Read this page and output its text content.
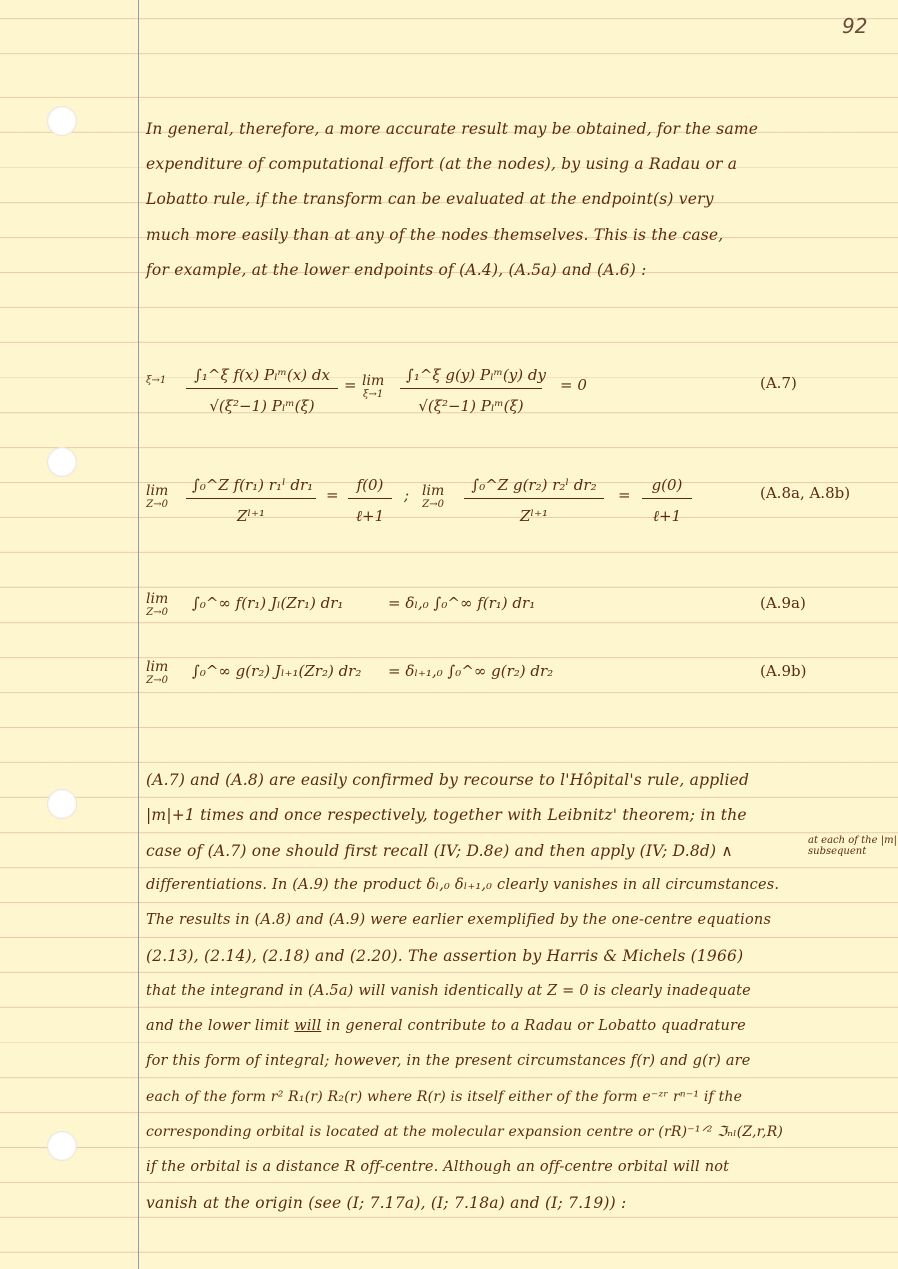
92
In general, therefore, a more accurate result may be obtained, for the same
expenditure of computational effort (at the nodes), by using a Radau or a
Lobatto rule, if the transform can be evaluated at the endpoint(s) very
much more easily than at any of the nodes themselves. This is the case,
for example, at the lower endpoints of (A.4), (A.5a) and (A.6) :
ξ→1	∫₁^ξ f(x) Pₗᵐ(x) dx
√(ξ²−1) Pₗᵐ(ξ)
= lim
ξ→1
∫₁^ξ g(y) Pₗᵐ(y) dy
√(ξ²−1) Pₗᵐ(ξ)
= 0	(A.7)
lim
$Z\to 0 \frac{\text{∫₀\textasciicircum{}Z f(r₁) r₁ˡ dr₁}}{\text{Zˡ⁺¹}}$ =
f(0)
ℓ+1
; lim
$Z\to 0 \frac{\text{∫₀\textasciicircum{}Z g(r₂) r₂ˡ dr₂}}{\text{Zˡ⁺¹}}$ =
g(0)
ℓ+1
(A.8a, A.8b)
lim
Z→0
∫₀^∞ f(r₁) Jₗ(Zr₁) dr₁	= δₗ,₀ ∫₀^∞ f(r₁) dr₁	(A.9a)
lim
Z→0
∫₀^∞ g(r₂) Jₗ₊₁(Zr₂) dr₂ = δₗ₊₁,₀ ∫₀^∞ g(r₂) dr₂	(A.9b)
(A.7) and (A.8) are easily confirmed by recourse to l'Hôpital's rule, applied
|m|+1 times and once respectively, together with Leibnitz' theorem; in the
case of (A.7) one should first recall (IV; D.8e) and then apply (IV; D.8d) ∧
at each of the |m|
subsequent
differentiations. In (A.9) the product δₗ,₀ δₗ₊₁,₀ clearly vanishes in all circumstances.
The results in (A.8) and (A.9) were earlier exemplified by the one-centre equations
(2.13), (2.14), (2.18) and (2.20). The assertion by Harris & Michels (1966)
that the integrand in (A.5a) will vanish identically at Z = 0 is clearly inadequate
and the lower limit will in general contribute to a Radau or Lobatto quadrature
for this form of integral; however, in the present circumstances f(r) and g(r) are
each of the form r² R₁(r) R₂(r) where R(r) is itself either of the form e⁻ᶻʳ rⁿ⁻¹ if the
corresponding orbital is located at the molecular expansion centre or (rR)⁻¹ᐟ² ℑₙₗ(Z,r,R)
if the orbital is a distance R off-centre. Although an off-centre orbital will not
vanish at the origin (see (I; 7.17a), (I; 7.18a) and (I; 7.19)) :
